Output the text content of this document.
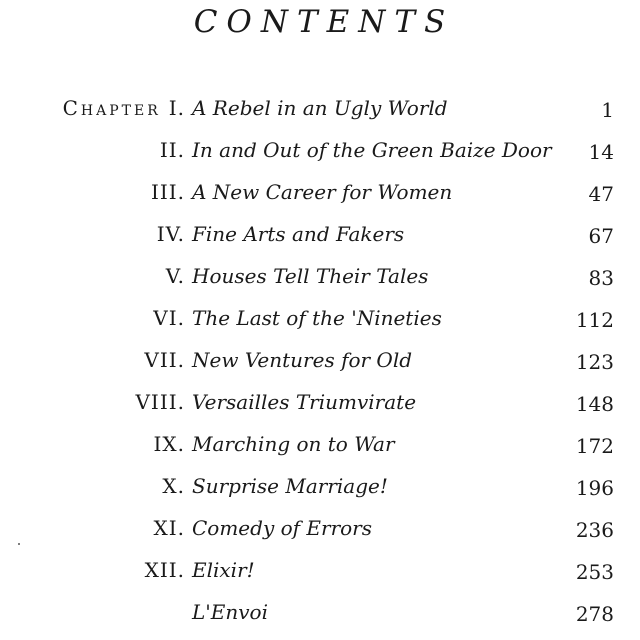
CONTENTS
Chapter I. A Rebel in an Ugly World	1
II. In and Out of the Green Baize Door 14
III. A New Career for Women	47
IV. Fine Arts and Fakers	67
V. Houses Tell Their Tales	83
VI. The Last of the 'Nineties	112
VII. New Ventures for Old	123
VIII. Versailles Triumvirate	148
IX. Marching on to War	172
X. Surprise Marriage!	196
XI. Comedy of Errors	236
XII. Elixir!	253
L'Envoi	278
